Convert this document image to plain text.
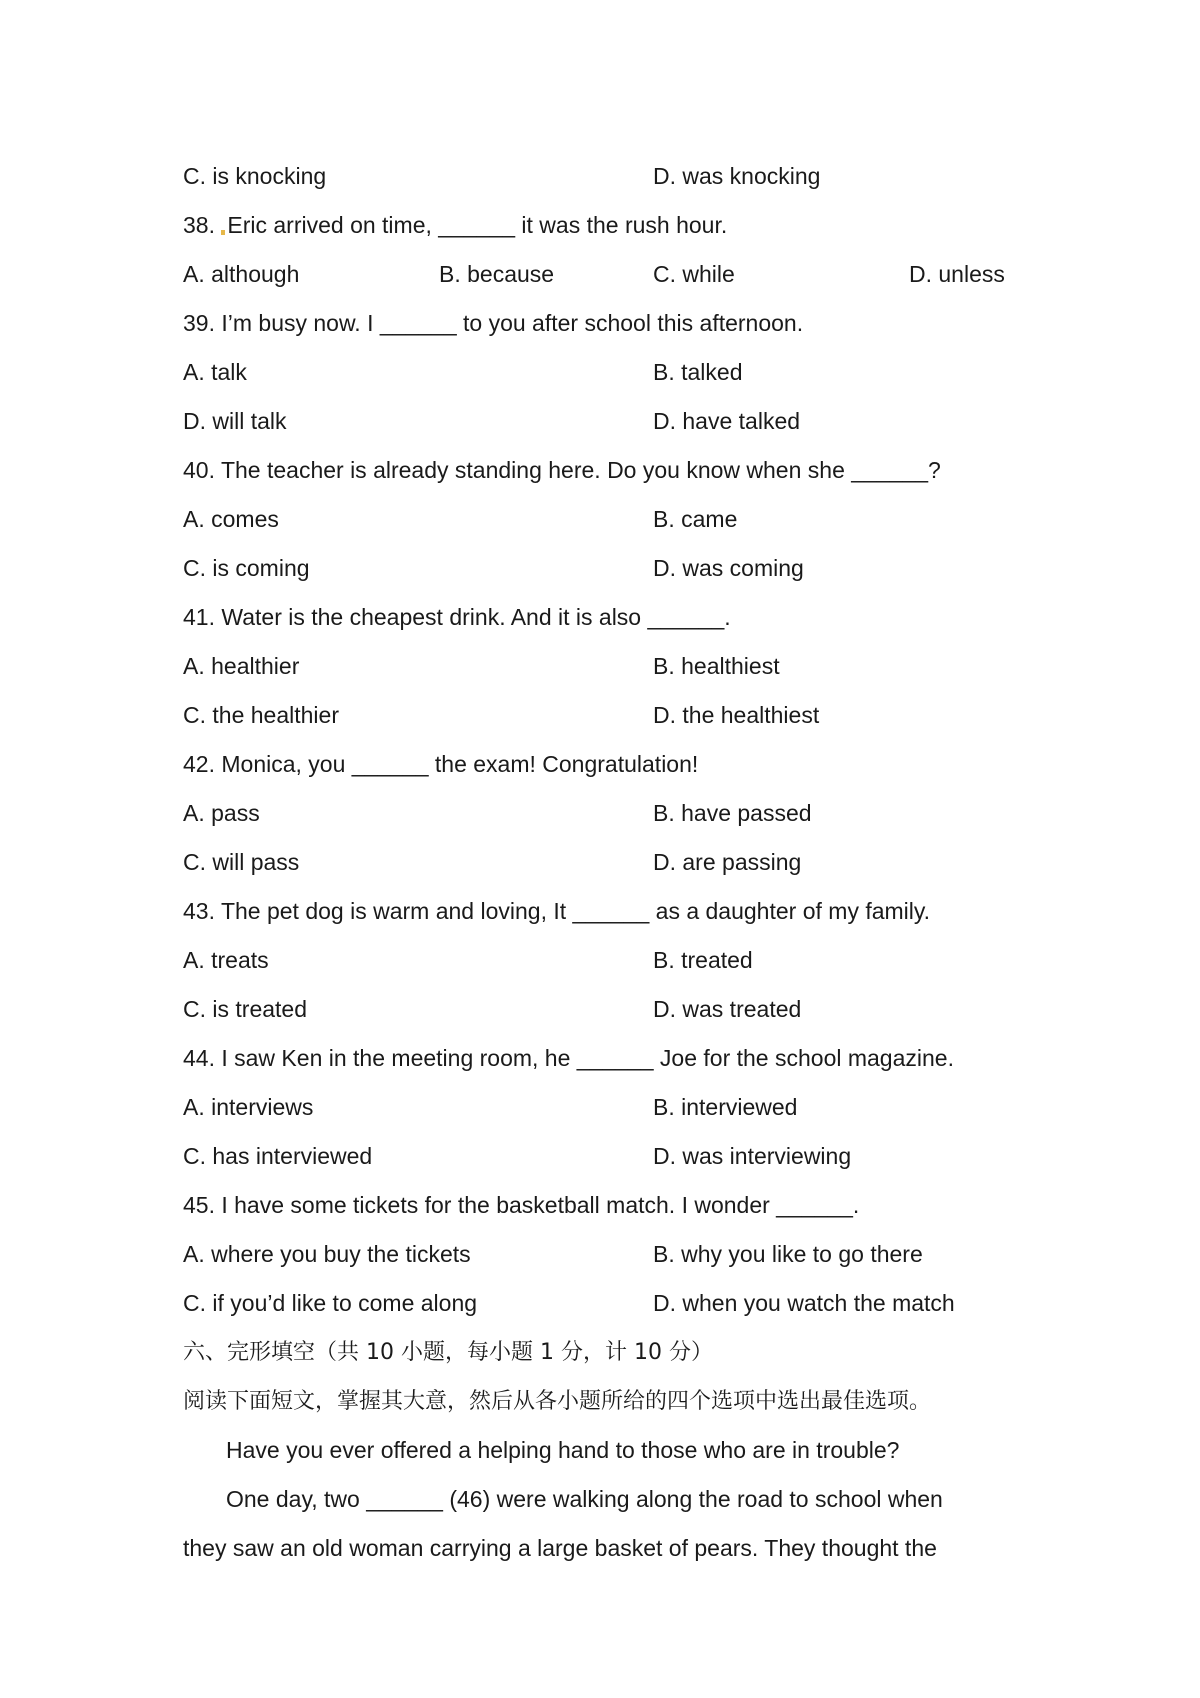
C. is knocking	D. was knocking
38. Eric arrived on time, ______ it was the rush hour.
A. although	B. because	C. while	D. unless
39. I’m busy now. I ______ to you after school this afternoon.
A. talk	B. talked
D. will talk	D. have talked
40. The teacher is already standing here. Do you know when she ______?
A. comes	B. came
C. is coming	D. was coming
41. Water is the cheapest drink. And it is also ______.
A. healthier	B. healthiest
C. the healthier	D. the healthiest
42. Monica, you ______ the exam! Congratulation!
A. pass	B. have passed
C. will pass	D. are passing
43. The pet dog is warm and loving, It ______ as a daughter of my family.
A. treats	B. treated
C. is treated	D. was treated
44. I saw Ken in the meeting room, he ______ Joe for the school magazine.
A. interviews	B. interviewed
C. has interviewed	D. was interviewing
45. I have some tickets for the basketball match. I wonder ______.
A. where you buy the tickets	B. why you like to go there
C. if you’d like to come along	D. when you watch the match
六、完形填空（共 10 小题，每小题 1 分，计 10 分）
阅读下面短文，掌握其大意，然后从各小题所给的四个选项中选出最佳选项。
Have you ever offered a helping hand to those who are in trouble?
One day, two ______ (46) were walking along the road to school when
they saw an old woman carrying a large basket of pears. They thought the
